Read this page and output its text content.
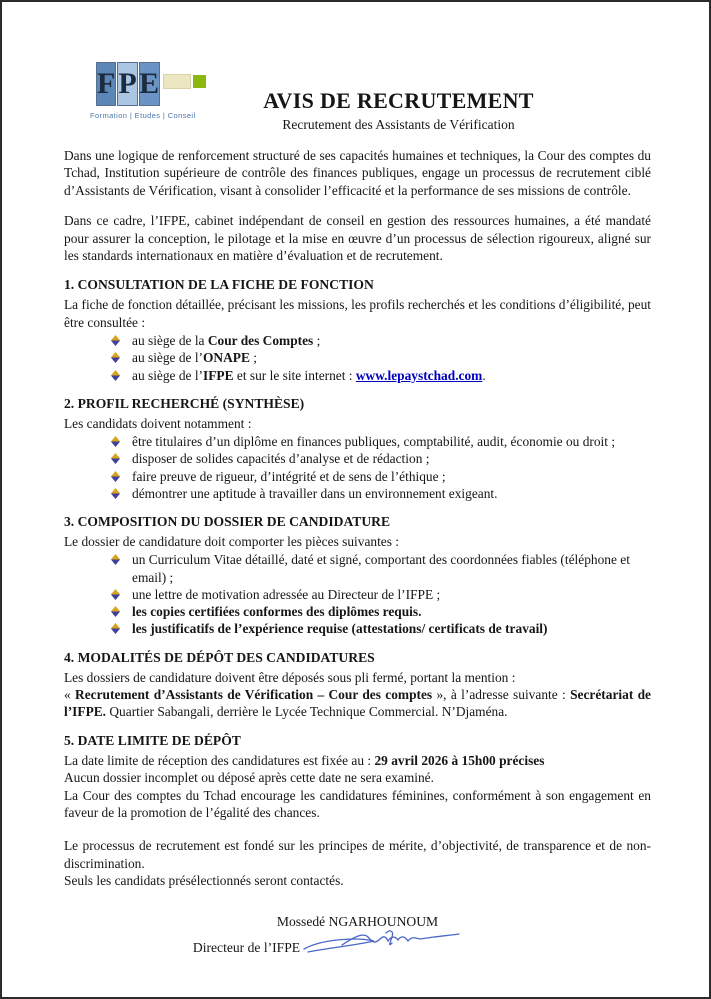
F P E
Formation | Etudes | Conseil
AVIS DE RECRUTEMENT
Recrutement des Assistants de Vérification

Dans une logique de renforcement structuré de ses capacités humaines et techniques, la Cour des comptes du Tchad, Institution supérieure de contrôle des finances publiques, engage un processus de recrutement ciblé d’Assistants de Vérification, visant à consolider l’efficacité et la performance de ses missions de contrôle.

Dans ce cadre, l’IFPE, cabinet indépendant de conseil en gestion des ressources humaines, a été mandaté pour assurer la conception, le pilotage et la mise en œuvre d’un processus de sélection rigoureux, aligné sur les standards internationaux en matière d’évaluation et de recrutement.

1. CONSULTATION DE LA FICHE DE FONCTION

La fiche de fonction détaillée, précisant les missions, les profils recherchés et les conditions d’éligibilité, peut être consultée :

au siège de la Cour des Comptes ;
au siège de l’ONAPE ;
au siège de l’IFPE et sur le site internet : www.lepaystchad.com.
2. PROFIL RECHERCHÉ (SYNTHÈSE)

Les candidats doivent notamment :

être titulaires d’un diplôme en finances publiques, comptabilité, audit, économie ou droit ;
disposer de solides capacités d’analyse et de rédaction ;
faire preuve de rigueur, d’intégrité et de sens de l’éthique ;
démontrer une aptitude à travailler dans un environnement exigeant.
3. COMPOSITION DU DOSSIER DE CANDIDATURE

Le dossier de candidature doit comporter les pièces suivantes :

un Curriculum Vitae détaillé, daté et signé, comportant des coordonnées fiables (téléphone et email) ;
une lettre de motivation adressée au Directeur de l’IFPE ;
les copies certifiées conformes des diplômes requis.
les justificatifs de l’expérience requise (attestations/ certificats de travail)
4. MODALITÉS DE DÉPÔT DES CANDIDATURES

Les dossiers de candidature doivent être déposés sous pli fermé, portant la mention :

« Recrutement d’Assistants de Vérification – Cour des comptes », à l’adresse suivante : Secrétariat de l’IFPE. Quartier Sabangali, derrière le Lycée Technique Commercial. N’Djaména.

5. DATE LIMITE DE DÉPÔT

La date limite de réception des candidatures est fixée au : 29 avril 2026 à 15h00 précises

Aucun dossier incomplet ou déposé après cette date ne sera examiné.

La Cour des comptes du Tchad encourage les candidatures féminines, conformément à son engagement en faveur de la promotion de l’égalité des chances.

Le processus de recrutement est fondé sur les principes de mérite, d’objectivité, de transparence et de non-discrimination.

Seuls les candidats présélectionnés seront contactés.

Mossedé NGARHOUNOUM
Directeur de l’IFPE
